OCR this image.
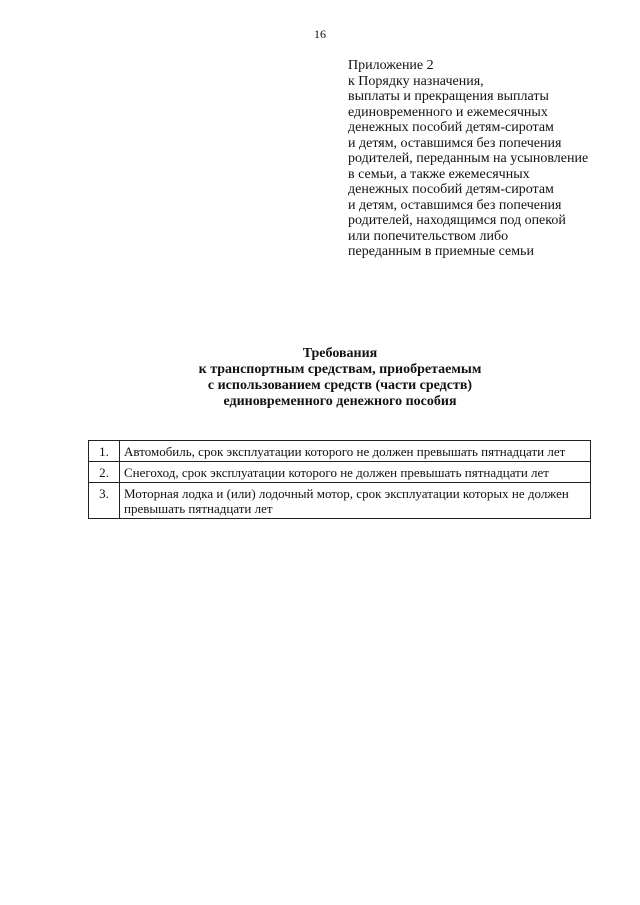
16
Приложение 2
к Порядку назначения,
выплаты и прекращения выплаты
единовременного и ежемесячных
денежных пособий детям-сиротам
и детям, оставшимся без попечения
родителей, переданным на усыновление
в семьи, а также ежемесячных
денежных пособий детям-сиротам
и детям, оставшимся без попечения
родителей, находящимся под опекой
или попечительством либо
переданным в приемные семьи
Требования
к транспортным средствам, приобретаемым
с использованием средств (части средств)
единовременного денежного пособия
1.	Автомобиль, срок эксплуатации которого не должен превышать пятнадцати лет
2.	Снегоход, срок эксплуатации которого не должен превышать пятнадцати лет
3.	Моторная лодка и (или) лодочный мотор, срок эксплуатации которых не должен превышать пятнадцати лет
